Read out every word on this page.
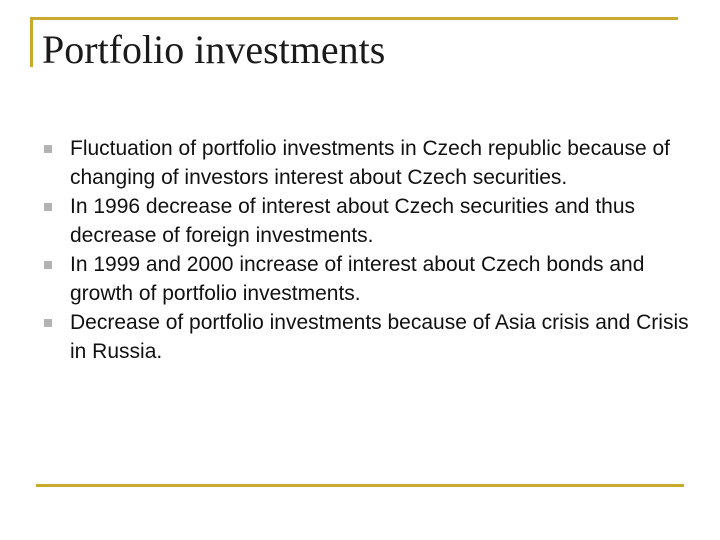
Portfolio investments
Fluctuation of portfolio investments in Czech republic because of changing of investors interest about Czech securities.
In 1996 decrease of interest about Czech securities and thus decrease of foreign investments.
In 1999 and 2000 increase of interest about Czech bonds and growth of portfolio investments.
Decrease of portfolio investments because of Asia crisis and Crisis in Russia.
